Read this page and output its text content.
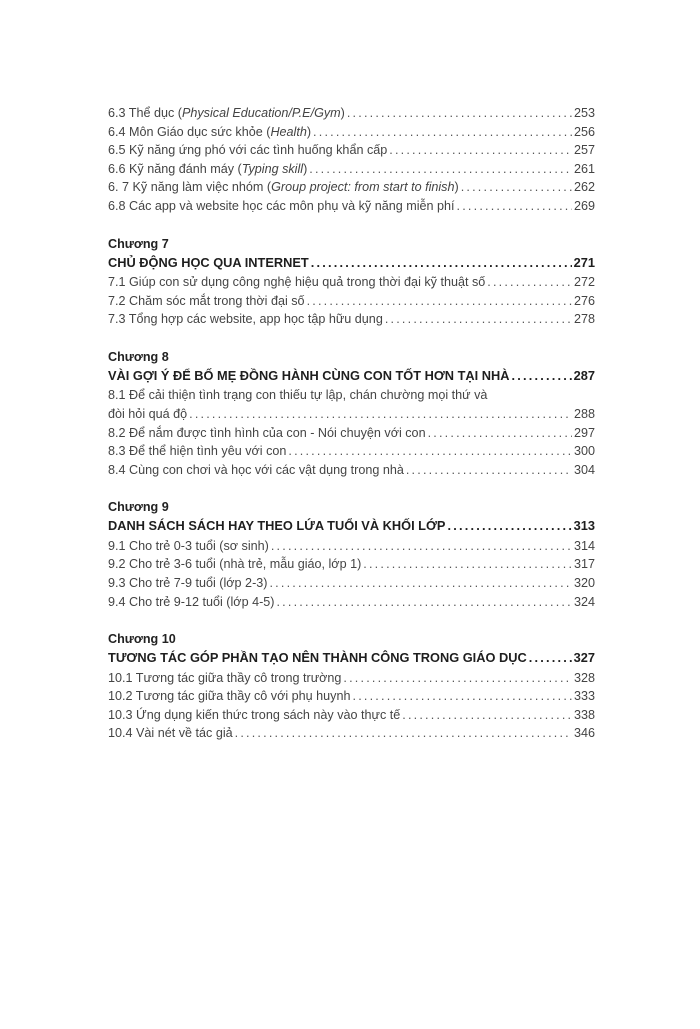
6.3 Thể dục (Physical Education/P.E/Gym) .....	253
6.4 Môn Giáo dục sức khỏe (Health) .....	256
6.5 Kỹ năng ứng phó với các tình huống khẩn cấp .....	257
6.6 Kỹ năng đánh máy (Typing skill) .....	261
6. 7 Kỹ năng làm việc nhóm (Group project: from start to finish) .....	262
6.8 Các app và website học các môn phụ và kỹ năng miễn phí .....	269
Chương 7
CHỦ ĐỘNG HỌC QUA INTERNET .....	271
7.1 Giúp con sử dụng công nghệ hiệu quả trong thời đại kỹ thuật số .....	272
7.2 Chăm sóc mắt trong thời đại số .....	276
7.3 Tổng hợp các website, app học tập hữu dụng .....	278
Chương 8
VÀI GỢI Ý ĐỂ BỐ MẸ ĐỒNG HÀNH CÙNG CON TỐT HƠN TẠI NHÀ .....	287
8.1 Để cải thiện tình trạng con thiếu tự lập, chán chường mọi thứ và
đòi hỏi quá độ .....	288
8.2 Để nắm được tình hình của con - Nói chuyện với con .....	297
8.3 Để thể hiện tình yêu với con .....	300
8.4 Cùng con chơi và học với các vật dụng trong nhà .....	304
Chương 9
DANH SÁCH SÁCH HAY THEO LỨA TUỔI VÀ KHỐI LỚP .....	313
9.1 Cho trẻ 0-3 tuổi (sơ sinh) .....	314
9.2 Cho trẻ 3-6 tuổi (nhà trẻ, mẫu giáo, lớp 1) .....	317
9.3 Cho trẻ 7-9 tuổi (lớp 2-3) .....	320
9.4 Cho trẻ 9-12 tuổi (lớp 4-5) .....	324
Chương 10
TƯƠNG TÁC GÓP PHẦN TẠO NÊN THÀNH CÔNG TRONG GIÁO DỤC .....	327
10.1 Tương tác giữa thầy cô trong trường .....	328
10.2 Tương tác giữa thầy cô với phụ huynh .....	333
10.3 Ứng dụng kiến thức trong sách này vào thực tế .....	338
10.4 Vài nét về tác giả .....	346
